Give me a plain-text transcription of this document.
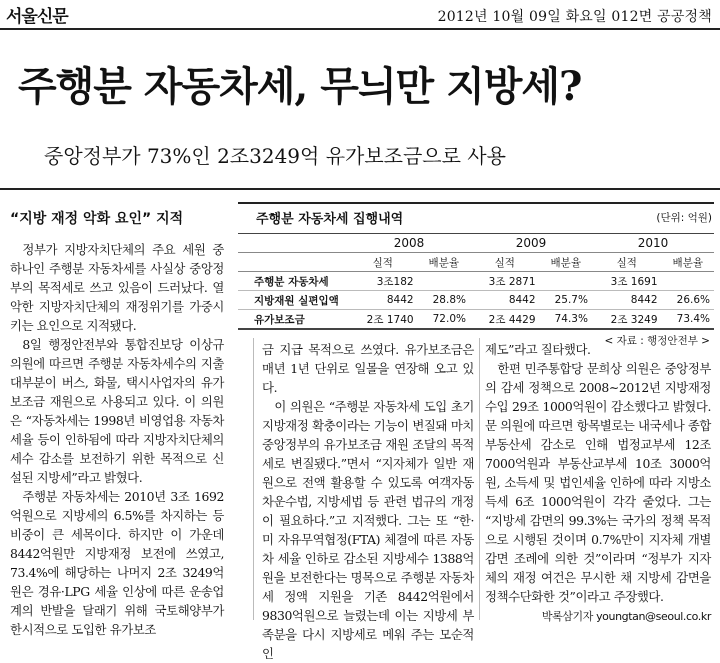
서울신문	2012년 10월 09일 화요일 012면 공공정책
주행분 자동차세, 무늬만 지방세?
중앙정부가 73%인 2조3249억 유가보조금으로 사용
“지방 재정 악화 요인” 지적	주행분 자동차세 집행내역	(단위: 억원)
	2008		2009		2010	
	실적	배분율	실적	배분율	실적	배분율
주행분 자동차세	3조182		3조 2871		3조 1691	
지방재원 실편입액	8442	28.8%	8442	25.7%	8442	26.6%
유가보조금	2조 1740	72.0%	2조 4429	74.3%	2조 3249	73.4%
< 자료 : 행정안전부 >

정부가 지방자치단체의 주요 세원 중 하나인 주행분 자동차세를 사실상 중앙정부의 목적세로 쓰고 있음이 드러났다. 열악한 지방자치단체의 재정위기를 가중시키는 요인으로 지적됐다.

8일 행정안전부와 통합진보당 이상규 의원에 따르면 주행분 자동차세수의 지출 대부분이 버스, 화물, 택시사업자의 유가보조금 재원으로 사용되고 있다. 이 의원은 “자동차세는 1998년 비영업용 자동차 세율 등이 인하됨에 따라 지방자치단체의 세수 감소를 보전하기 위한 목적으로 신설된 지방세”라고 밝혔다.

주행분 자동차세는 2010년 3조 1692억원으로 지방세의 6.5%를 차지하는 등 비중이 큰 세목이다. 하지만 이 가운데 8442억원만 지방재정 보전에 쓰였고, 73.4%에 해당하는 나머지 2조 3249억원은 경유·LPG 세율 인상에 따른 운송업계의 반발을 달래기 위해 국토해양부가 한시적으로 도입한 유가보조

금 지급 목적으로 쓰였다. 유가보조금은 매년 1년 단위로 일몰을 연장해 오고 있다.

이 의원은 “주행분 자동차세 도입 초기 지방재정 확충이라는 기능이 변질돼 마치 중앙정부의 유가보조금 재원 조달의 목적세로 변질됐다.”면서 “지자체가 일반 재원으로 전액 활용할 수 있도록 여객자동차운수법, 지방세법 등 관련 법규의 개정이 필요하다.”고 지적했다. 그는 또 “한·미 자유무역협정(FTA) 체결에 따른 자동차 세율 인하로 감소된 지방세수 1388억원을 보전한다는 명목으로 주행분 자동차세 정액 지원을 기존 8442억원에서 9830억원으로 늘렸는데 이는 지방세 부족분을 다시 지방세로 메워 주는 모순적인

제도”라고 질타했다.

한편 민주통합당 문희상 의원은 중앙정부의 감세 정책으로 2008∼2012년 지방재정수입 29조 1000억원이 감소했다고 밝혔다. 문 의원에 따르면 항목별로는 내국세나 종합부동산세 감소로 인해 법정교부세 12조 7000억원과 부동산교부세 10조 3000억원, 소득세 및 법인세율 인하에 따라 지방소득세 6조 1000억원이 각각 줄었다. 그는 “지방세 감면의 99.3%는 국가의 정책 목적으로 시행된 것이며 0.7%만이 지자체 개별 감면 조례에 의한 것”이라며 “정부가 지자체의 재정 여건은 무시한 채 지방세 감면을 정책수단화한 것”이라고 주장했다.

박록삼기자 youngtan@seoul.co.kr
